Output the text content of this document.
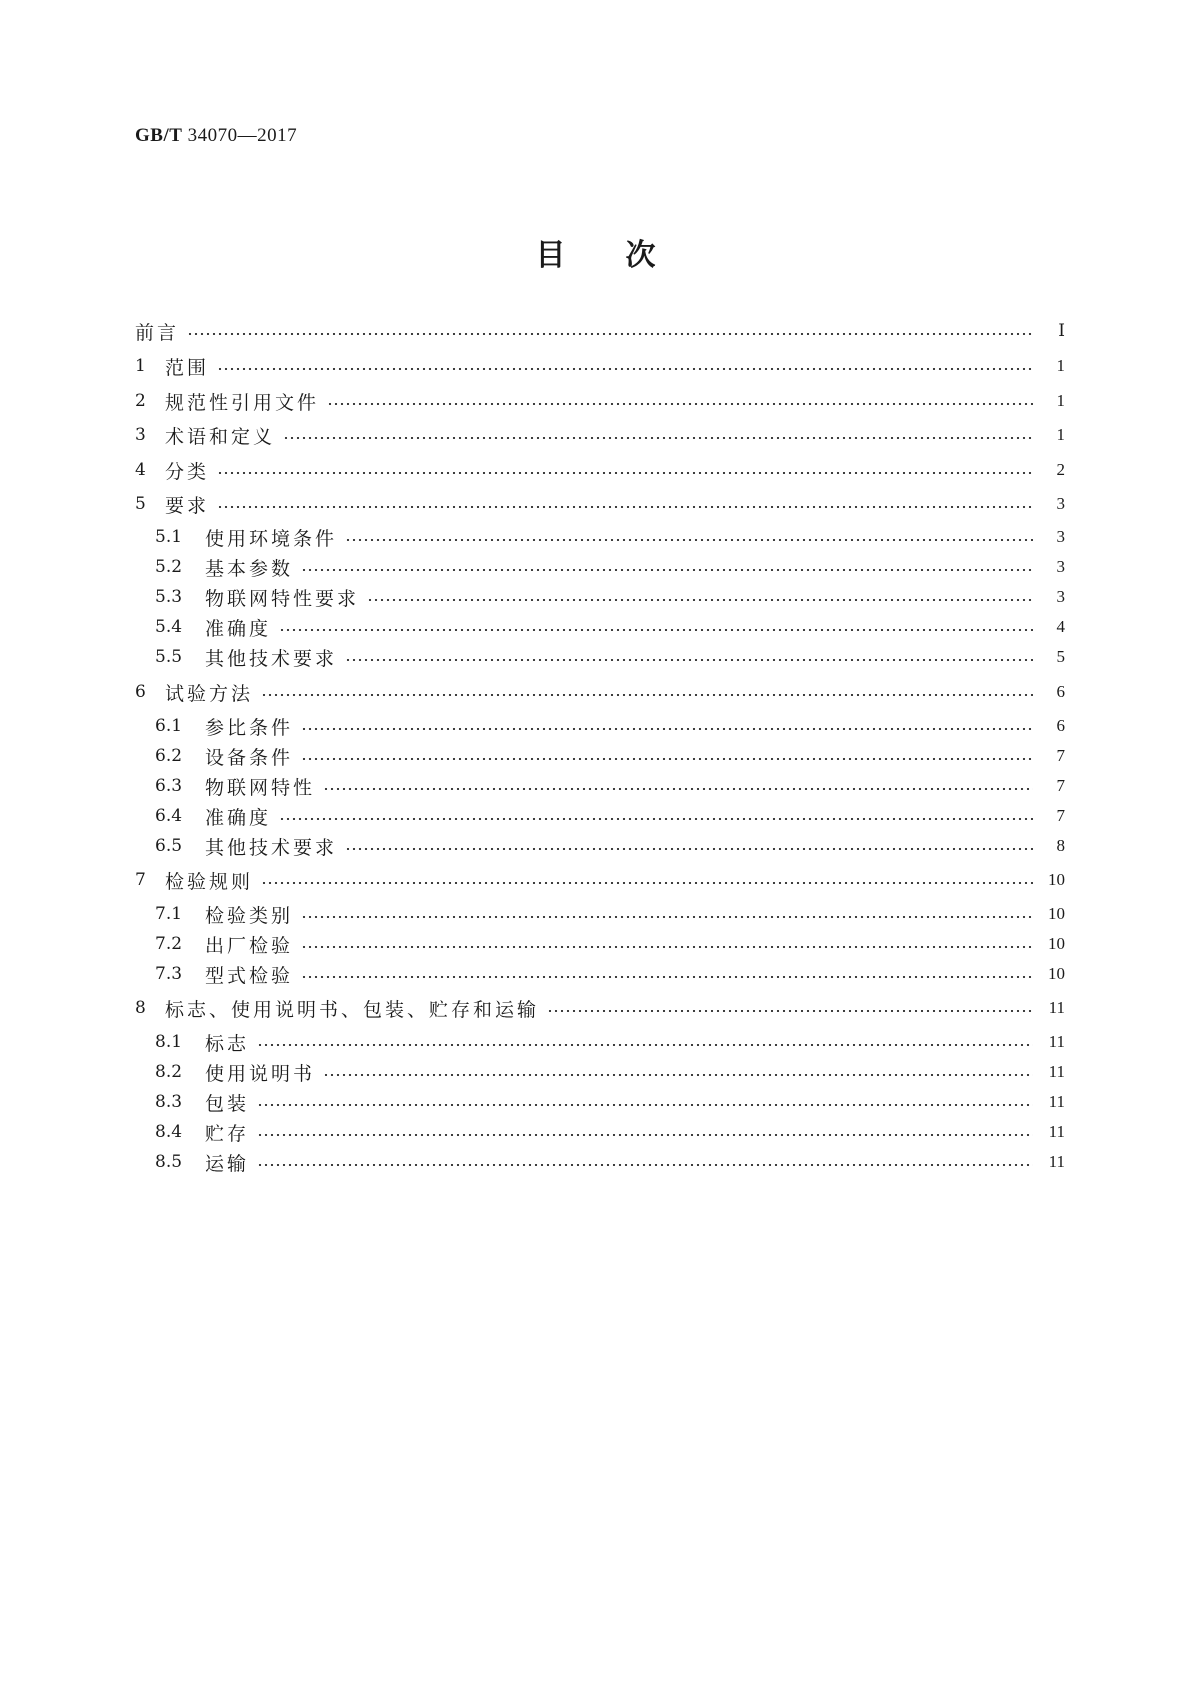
GB/T 34070—2017
目 次
前言	Ⅰ
1	范围	1
2	规范性引用文件	1
3	术语和定义	1
4	分类	2
5	要求	3
5.1	使用环境条件	3
5.2	基本参数	3
5.3	物联网特性要求	3
5.4	准确度	4
5.5	其他技术要求	5
6	试验方法	6
6.1	参比条件	6
6.2	设备条件	7
6.3	物联网特性	7
6.4	准确度	7
6.5	其他技术要求	8
7	检验规则	10
7.1	检验类别	10
7.2	出厂检验	10
7.3	型式检验	10
8	标志、使用说明书、包装、贮存和运输	11
8.1	标志	11
8.2	使用说明书	11
8.3	包装	11
8.4	贮存	11
8.5	运输	11
